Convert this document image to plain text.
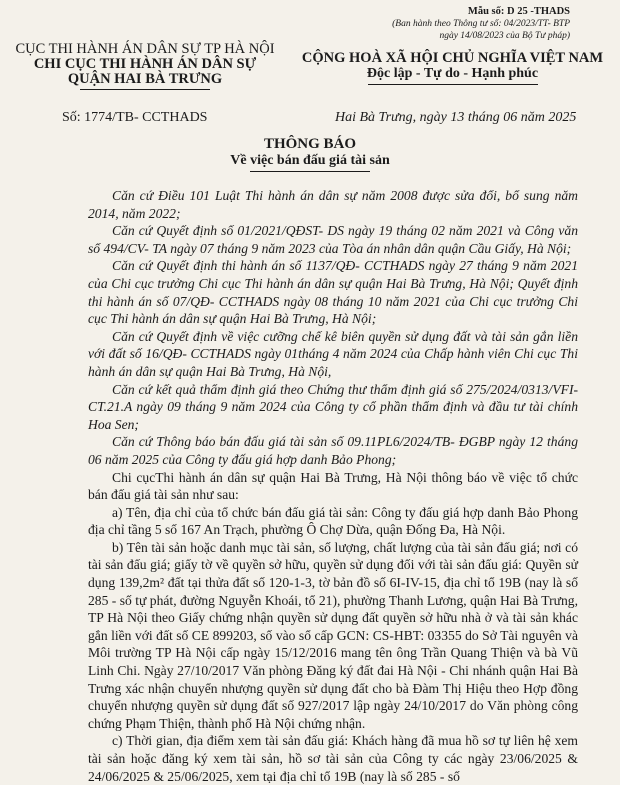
Mẫu số: D 25 -THADS
(Ban hành theo Thông tư số: 04/2023/TT- BTP
ngày 14/08/2023 của Bộ Tư pháp)
CỤC THI HÀNH ÁN DÂN SỰ TP HÀ NỘI
CHI CỤC THI HÀNH ÁN DÂN SỰ
QUẬN HAI BÀ TRƯNG
CỘNG HOÀ XÃ HỘI CHỦ NGHĨA VIỆT NAM
Độc lập - Tự do - Hạnh phúc
Số: 1774/TB- CCTHADS	Hai Bà Trưng, ngày 13 tháng 06 năm 2025
THÔNG BÁO
Về việc bán đấu giá tài sản

Căn cứ Điều 101 Luật Thi hành án dân sự năm 2008 được sửa đổi, bổ sung năm 2014, năm 2022;

Căn cứ Quyết định số 01/2021/QĐST- DS ngày 19 tháng 02 năm 2021 và Công văn số 494/CV- TA ngày 07 tháng 9 năm 2023 của Tòa án nhân dân quận Cầu Giấy, Hà Nội;

Căn cứ Quyết định thi hành án số 1137/QĐ- CCTHADS ngày 27 tháng 9 năm 2021 của Chi cục trưởng Chi cục Thi hành án dân sự quận Hai Bà Trưng, Hà Nội; Quyết định thi hành án số 07/QĐ- CCTHADS ngày 08 tháng 10 năm 2021 của Chi cục trưởng Chi cục Thi hành án dân sự quận Hai Bà Trưng, Hà Nội;

Căn cứ Quyết định về việc cưỡng chế kê biên quyền sử dụng đất và tài sản gắn liền với đất số 16/QĐ- CCTHADS ngày 01tháng 4 năm 2024 của Chấp hành viên Chi cục Thi hành án dân sự quận Hai Bà Trưng, Hà Nội,

Căn cứ kết quả thẩm định giá theo Chứng thư thẩm định giá số 275/2024/0313/VFI- CT.21.A ngày 09 tháng 9 năm 2024 của Công ty cổ phần thẩm định và đầu tư tài chính Hoa Sen;

Căn cứ Thông báo bán đấu giá tài sản số 09.11PL6/2024/TB- ĐGBP ngày 12 tháng 06 năm 2025 của Công ty đấu giá hợp danh Bảo Phong;

Chi cụcThi hành án dân sự quận Hai Bà Trưng, Hà Nội thông báo về việc tổ chức bán đấu giá tài sản như sau:

a) Tên, địa chỉ của tổ chức bán đấu giá tài sản: Công ty đấu giá hợp danh Bảo Phong địa chỉ tầng 5 số 167 An Trạch, phường Ô Chợ Dừa, quận Đống Đa, Hà Nội.

b) Tên tài sản hoặc danh mục tài sản, số lượng, chất lượng của tài sản đấu giá; nơi có tài sản đấu giá; giấy tờ về quyền sở hữu, quyền sử dụng đối với tài sản đấu giá: Quyền sử dụng 139,2m² đất tại thửa đất số 120-1-3, tờ bản đồ số 6I-IV-15, địa chỉ tổ 19B (nay là số 285 - số tự phát, đường Nguyễn Khoái, tổ 21), phường Thanh Lương, quận Hai Bà Trưng, TP Hà Nội theo Giấy chứng nhận quyền sử dụng đất quyền sở hữu nhà ở và tài sản khác gắn liền với đất số CE 899203, số vào sổ cấp GCN: CS-HBT: 03355 do Sở Tài nguyên và Môi trường TP Hà Nội cấp ngày 15/12/2016 mang tên ông Trần Quang Thiện và bà Vũ Linh Chi. Ngày 27/10/2017 Văn phòng Đăng ký đất đai Hà Nội - Chi nhánh quận Hai Bà Trưng xác nhận chuyển nhượng quyền sử dụng đất cho bà Đàm Thị Hiệu theo Hợp đồng chuyển nhượng quyền sử dụng đất số 927/2017 lập ngày 24/10/2017 do Văn phòng công chứng Phạm Thiện, thành phố Hà Nội chứng nhận.

c) Thời gian, địa điểm xem tài sản đấu giá: Khách hàng đã mua hồ sơ tự liên hệ xem tài sản hoặc đăng ký xem tài sản, hồ sơ tài sản của Công ty các ngày 23/06/2025 & 24/06/2025 & 25/06/2025, xem tại địa chỉ tổ 19B (nay là số 285 - số
